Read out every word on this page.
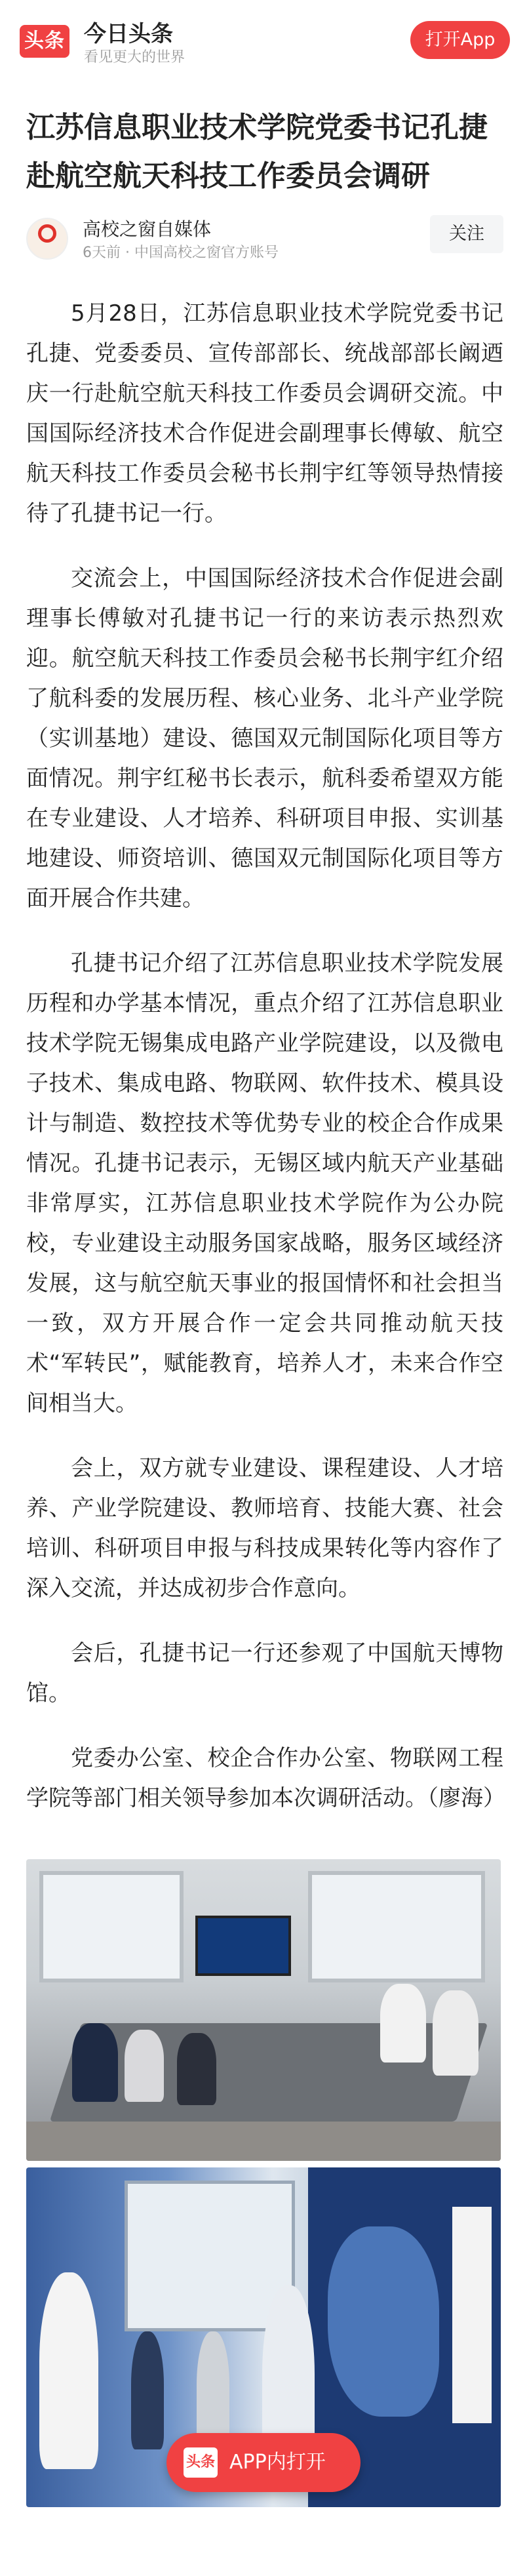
头条 今日头条
看见更大的世界
打开App
江苏信息职业技术学院党委书记孔捷赴航空航天科技工作委员会调研
高校之窗自媒体
6天前 · 中国高校之窗官方账号
关注

5月28日，江苏信息职业技术学院党委书记孔捷、党委委员、宣传部部长、统战部部长阚迺庆一行赴航空航天科技工作委员会调研交流。中国国际经济技术合作促进会副理事长傅敏、航空航天科技工作委员会秘书长荆宇红等领导热情接待了孔捷书记一行。

交流会上，中国国际经济技术合作促进会副理事长傅敏对孔捷书记一行的来访表示热烈欢迎。航空航天科技工作委员会秘书长荆宇红介绍了航科委的发展历程、核心业务、北斗产业学院（实训基地）建设、德国双元制国际化项目等方面情况。荆宇红秘书长表示，航科委希望双方能在专业建设、人才培养、科研项目申报、实训基地建设、师资培训、德国双元制国际化项目等方面开展合作共建。

孔捷书记介绍了江苏信息职业技术学院发展历程和办学基本情况，重点介绍了江苏信息职业技术学院无锡集成电路产业学院建设，以及微电子技术、集成电路、物联网、软件技术、模具设计与制造、数控技术等优势专业的校企合作成果情况。孔捷书记表示，无锡区域内航天产业基础非常厚实，江苏信息职业技术学院作为公办院校，专业建设主动服务国家战略，服务区域经济发展，这与航空航天事业的报国情怀和社会担当一致，双方开展合作一定会共同推动航天技术“军转民”，赋能教育，培养人才，未来合作空间相当大。

会上，双方就专业建设、课程建设、人才培养、产业学院建设、教师培育、技能大赛、社会培训、科研项目申报与科技成果转化等内容作了深入交流，并达成初步合作意向。

会后，孔捷书记一行还参观了中国航天博物馆。

党委办公室、校企合作办公室、物联网工程学院等部门相关领导参加本次调研活动。（廖海）

头条 APP内打开
